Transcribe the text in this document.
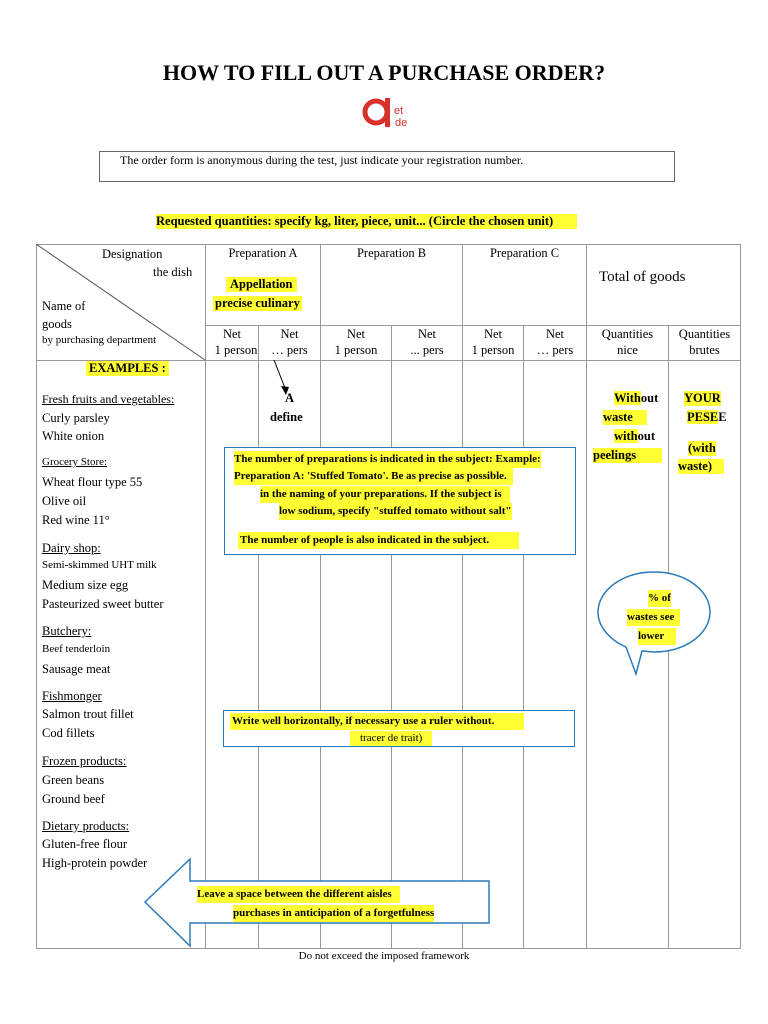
HOW TO FILL OUT A PURCHASE ORDER?
et
de
The order form is anonymous during the test, just indicate your registration number.
Requested quantities: specify kg, liter, piece, unit... (Circle the chosen unit)
Designation
the dish
Name of
goods
by purchasing department
Preparation A	Preparation B	Preparation C
Appellation
precise culinary
Total of goods
Net
1 person
Net
… pers
Net
1 person
Net
... pers
Net
1 person
Net
… pers
Quantities
nice
Quantities
brutes
EXAMPLES :
Fresh fruits and vegetables:
Curly parsley
White onion
Grocery Store:
Wheat flour type 55
Olive oil
Red wine 11°
Dairy shop:
Semi-skimmed UHT milk
Medium size egg
Pasteurized sweet butter
Butchery:
Beef tenderloin
Sausage meat
Fishmonger
Salmon trout fillet
Cod fillets
Frozen products:
Green beans
Ground beef
Dietary products:
Gluten-free flour
High-protein powder
A
define
Without
waste
without
peelings
YOUR
PESEE
(with
waste)
The number of preparations is indicated in the subject: Example:
Preparation A: 'Stuffed Tomato'. Be as precise as possible.
in the naming of your preparations. If the subject is
low sodium, specify "stuffed tomato without salt"
The number of people is also indicated in the subject.
% of
wastes see
lower
Write well horizontally, if necessary use a ruler without.
tracer de trait)
Leave a space between the different aisles
purchases in anticipation of a forgetfulness
Do not exceed the imposed framework
